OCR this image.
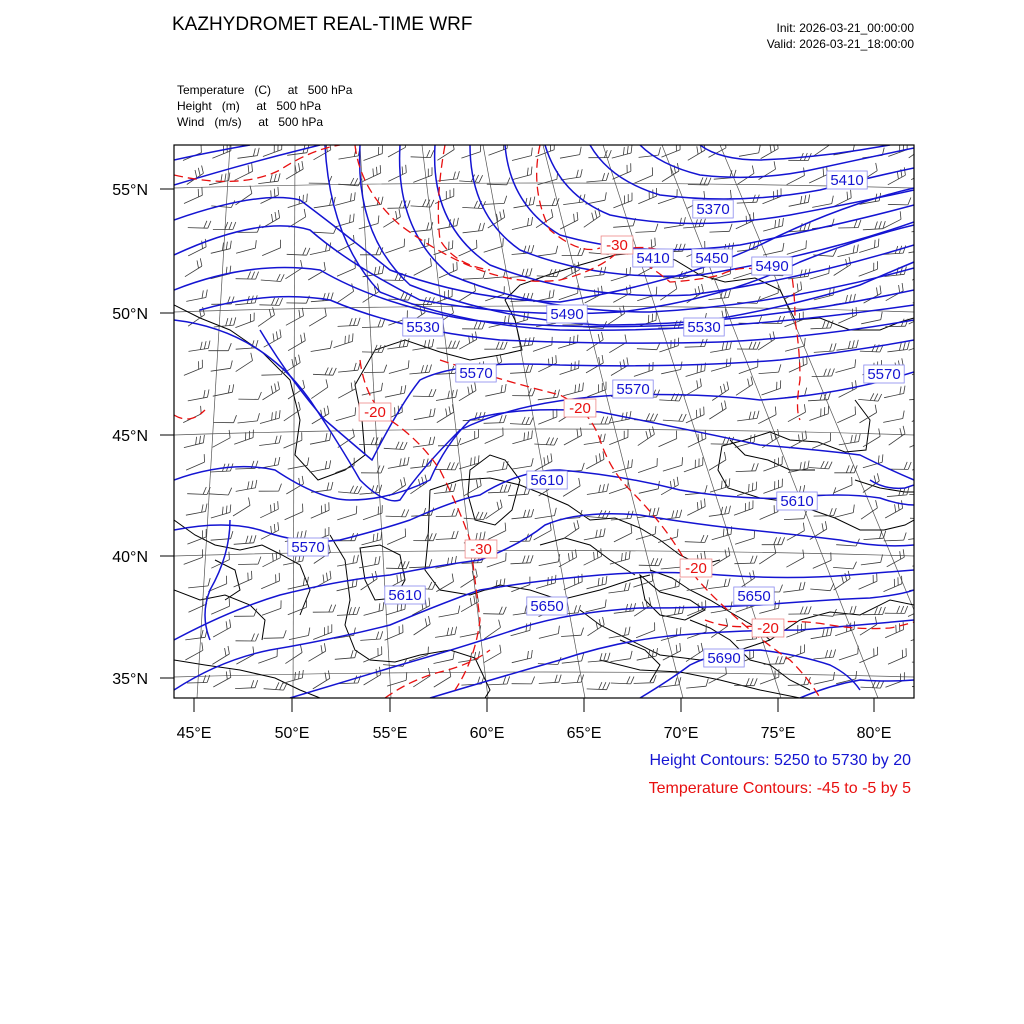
KAZHYDROMET REAL-TIME WRF	Init: 2026-03-21_00:00:00
Valid: 2026-03-21_18:00:00
Temperature (C) at   500 hPa
Height (m) at   500 hPa
Wind (m/s) at   500 hPa
45°E	50°E	55°E	60°E	65°E	70°E	75°E	80°E
55°N
50°N
45°N
40°N
35°N
5410
5370
5410 5450 5490
5490
5530	5530
5570
5570
5570
5570
5610
5610
5610
5650
5650
5690
-30
-20	-20
-30
-20
-20
Height Contours: 5250 to 5730 by 20
Temperature Contours: -45 to -5 by 5
